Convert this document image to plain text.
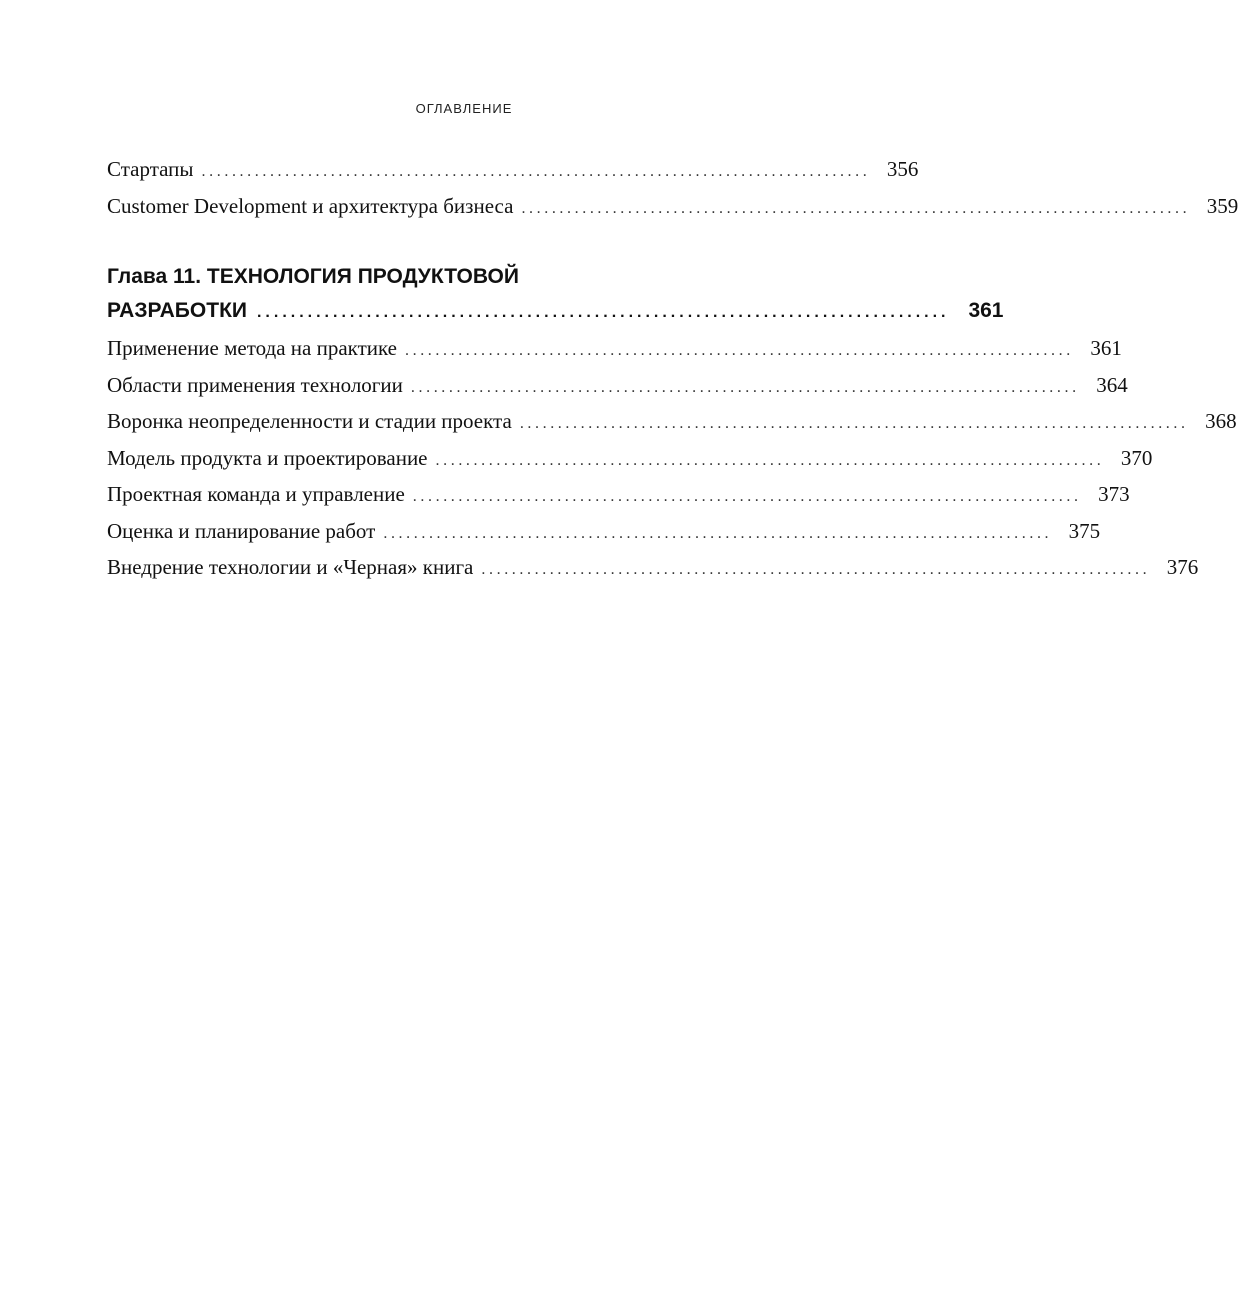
ОГЛАВЛЕНИЕ
Стартапы ........................................................................................ 356
Customer Development и архитектура бизнеса ........................................................................................ 359
Глава 11. ТЕХНОЛОГИЯ ПРОДУКТОВОЙ
РАЗРАБОТКИ .................................................................................. 361
Применение метода на практике ........................................................................................ 361
Области применения технологии ........................................................................................ 364
Воронка неопределенности и стадии проекта ........................................................................................ 368
Модель продукта и проектирование ........................................................................................ 370
Проектная команда и управление ........................................................................................ 373
Оценка и планирование работ ........................................................................................ 375
Внедрение технологии и «Черная» книга ........................................................................................ 376
